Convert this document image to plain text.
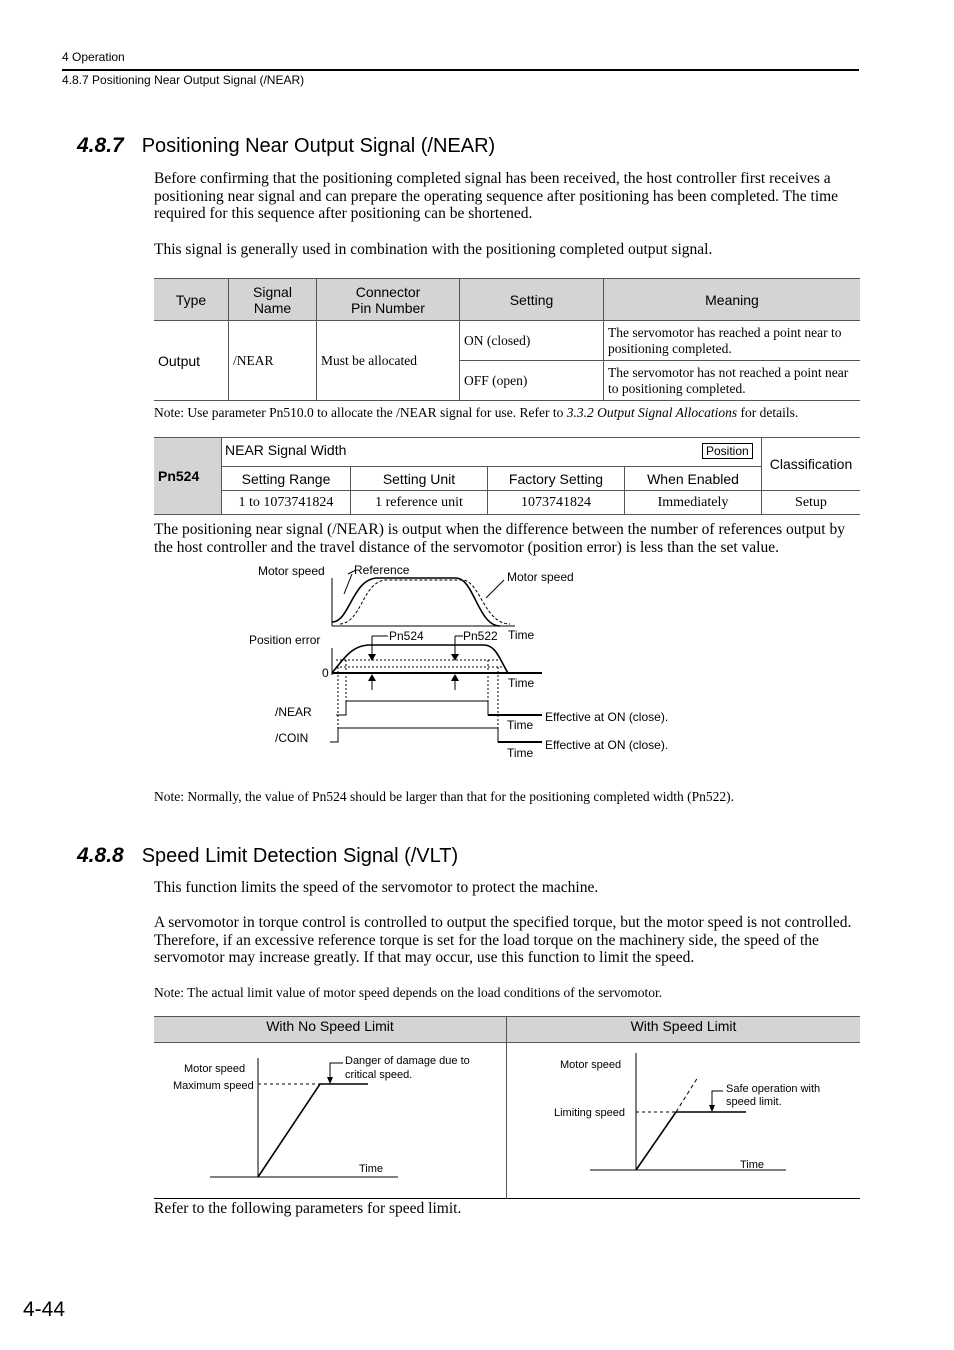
4 Operation
4.8.7 Positioning Near Output Signal (/NEAR)
4.8.7 Positioning Near Output Signal (/NEAR)
Before confirming that the positioning completed signal has been received, the host controller first receives a positioning near signal and can prepare the operating sequence after positioning has been completed. The time required for this sequence after positioning can be shortened.
This signal is generally used in combination with the positioning completed output signal.
Type	Signal Name	Connector Pin Number	Setting	Meaning
Output	/NEAR	Must be allocated	ON (closed)	The servomotor has reached a point near to positioning completed.
			OFF (open)	The servomotor has not reached a point near to positioning completed.
Note: Use parameter Pn510.0 to allocate the /NEAR signal for use. Refer to 3.3.2 Output Signal Allocations for details.
Pn524	NEAR Signal Width Position				Classification
	Setting Range	Setting Unit	Factory Setting	When Enabled	
	1 to 1073741824	1 reference unit	1073741824	Immediately	Setup
The positioning near signal (/NEAR) is output when the difference between the number of references output by the host controller and the travel distance of the servomotor (position error) is less than the set value.
Motor speed Reference	Motor speed
Time
Position error
0
Pn524	Pn522
Time
/NEAR
Time
Effective at ON (close).
/COIN
Time
Effective at ON (close).
Note: Normally, the value of Pn524 should be larger than that for the positioning completed width (Pn522).
4.8.8 Speed Limit Detection Signal (/VLT)
This function limits the speed of the servomotor to protect the machine.
A servomotor in torque control is controlled to output the specified torque, but the motor speed is not controlled. Therefore, if an excessive reference torque is set for the load torque on the machinery side, the speed of the servomotor may increase greatly. If that may occur, use this function to limit the speed.
Note: The actual limit value of motor speed depends on the load conditions of the servomotor.
With No Speed Limit	With Speed Limit

Motor speed
Maximum speed
Danger of damage due to
critical speed.
Time	Motor speed
Limiting speed
Safe operation with
speed limit.
Time
Refer to the following parameters for speed limit.
4-44
